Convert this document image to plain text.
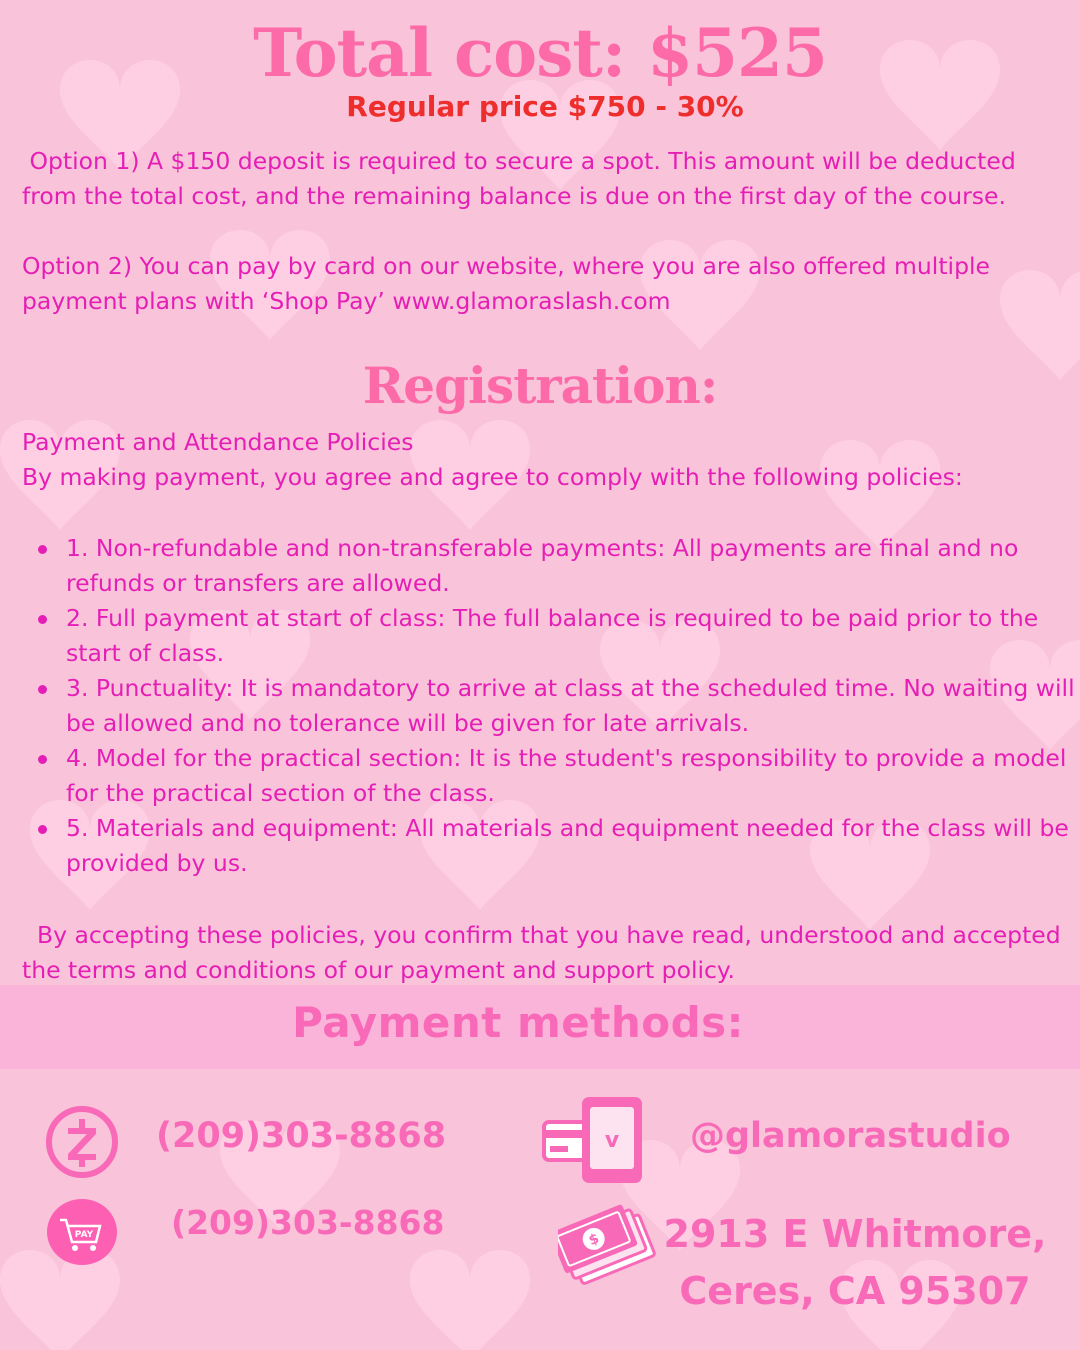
Total cost: $525
Regular price $750 - 30%

Option 1) A $150 deposit is required to secure a spot. This amount will be deducted from the total cost, and the remaining balance is due on the first day of the course.

Option 2) You can pay by card on our website, where you are also offered multiple payment plans with ‘Shop Pay’ www.glamoraslash.com

Registration:
Payment and Attendance Policies
By making payment, you agree and agree to comply with the following policies:
1. Non-refundable and non-transferable payments: All payments are final and no refunds or transfers are allowed.
2. Full payment at start of class: The full balance is required to be paid prior to the start of class.
3. Punctuality: It is mandatory to arrive at class at the scheduled time. No waiting will be allowed and no tolerance will be given for late arrivals.
4. Model for the practical section: It is the student's responsibility to provide a model for the practical section of the class.
5. Materials and equipment: All materials and equipment needed for the class will be provided by us.

By accepting these policies, you confirm that you have read, understood and accepted the terms and conditions of our payment and support policy.

Payment methods:
(209)303-8868
PAY (209)303-8868
v @glamorastudio
$ 2913 E Whitmore,
Ceres, CA 95307
